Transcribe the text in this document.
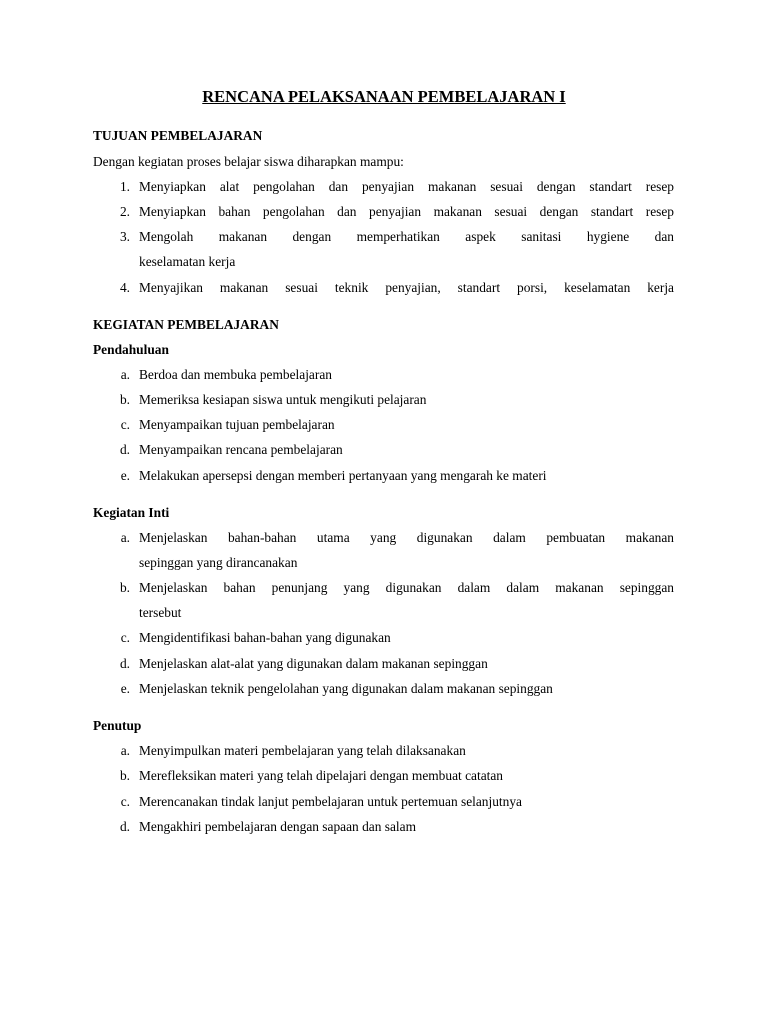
RENCANA PELAKSANAAN PEMBELAJARAN I
TUJUAN PEMBELAJARAN
Dengan kegiatan proses belajar siswa diharapkan mampu:
1. Menyiapkan alat pengolahan dan penyajian makanan sesuai dengan standart resep
2. Menyiapkan bahan pengolahan dan penyajian makanan sesuai dengan standart resep
3. Mengolah makanan dengan memperhatikan aspek sanitasi hygiene dan
keselamatan kerja
4. Menyajikan makanan sesuai teknik penyajian, standart porsi, keselamatan kerja
KEGIATAN PEMBELAJARAN
Pendahuluan
a. Berdoa dan membuka pembelajaran
b. Memeriksa kesiapan siswa untuk mengikuti pelajaran
c. Menyampaikan tujuan pembelajaran
d. Menyampaikan rencana pembelajaran
e. Melakukan apersepsi dengan memberi pertanyaan yang mengarah ke materi
Kegiatan Inti
a. Menjelaskan bahan-bahan utama yang digunakan dalam pembuatan makanan
sepinggan yang dirancanakan
b. Menjelaskan bahan penunjang yang digunakan dalam dalam makanan sepinggan
tersebut
c. Mengidentifikasi bahan-bahan yang digunakan
d. Menjelaskan alat-alat yang digunakan dalam makanan sepinggan
e. Menjelaskan teknik pengelolahan yang digunakan dalam makanan sepinggan
Penutup
a. Menyimpulkan materi pembelajaran yang telah dilaksanakan
b. Merefleksikan materi yang telah dipelajari dengan membuat catatan
c. Merencanakan tindak lanjut pembelajaran untuk pertemuan selanjutnya
d. Mengakhiri pembelajaran dengan sapaan dan salam
